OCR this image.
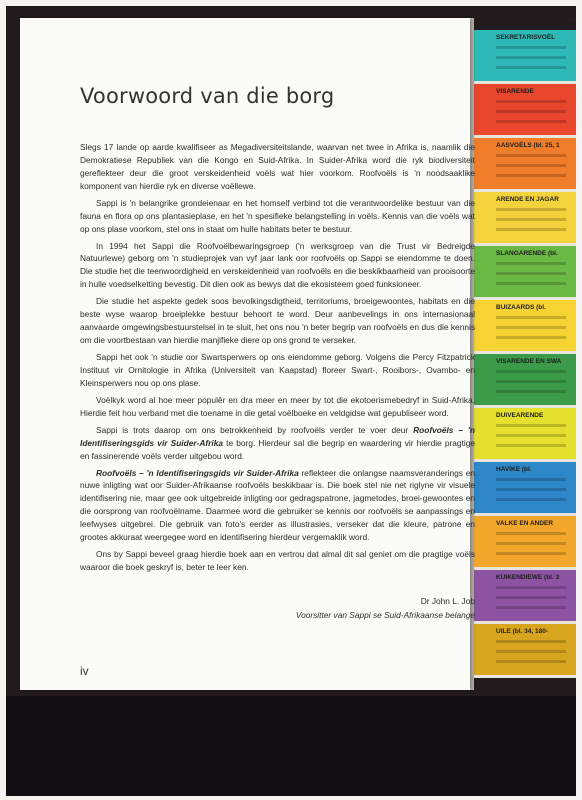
SEKRETARISVOËL
VISARENDE
AASVOËLS (bl. 25, 1
ARENDE EN JAGAR
SLANGARENDE (bl.
BUIZAARDS (bl.
VISARENDE EN SWA
DUIVEARENDE
HAVIKE (bl.
VALKE EN ANDER
KUIKENDIEWE (bl. 3
UILE (bl. 34, 180-
C
Voorwoord van die borg

Slegs 17 lande op aarde kwalifiseer as Megadiversiteitslande, waarvan net twee in Afrika is, naamlik die Demokratiese Republiek van die Kongo en Suid-Afrika. In Suider-Afrika word die ryk biodiversiteit gereflekteer deur die groot verskeidenheid voëls wat hier voorkom. Roofvoëls is 'n noodsaaklike komponent van hierdie ryk en diverse voëllewe.

Sappi is 'n belangrike grondeienaar en het homself verbind tot die verantwoordelike bestuur van die fauna en flora op ons plantasieplase, en het 'n spesifieke belangstelling in voëls. Kennis van die voëls wat op ons plase voorkom, stel ons in staat om hulle habitats beter te bestuur.

In 1994 het Sappi die Roofvoëlbewaringsgroep ('n werksgroep van die Trust vir Bedreigde Natuurlewe) geborg om 'n studieprojek van vyf jaar lank oor roofvoëls op Sappi se eiendomme te doen. Die studie het die teenwoordigheid en verskeidenheid van roofvoëls en die beskikbaarheid van prooisoorte in hulle voedselketting bevestig. Dit dien ook as bewys dat die ekosisteem goed funksioneer.

Die studie het aspekte gedek soos bevolkingsdigtheid, territoriums, broeigewoontes, habitats en die beste wyse waarop broeiplekke bestuur behoort te word. Deur aanbevelings in ons internasionaal aanvaarde omgewingsbestuurstelsel in te sluit, het ons nou 'n beter begrip van roofvoëls en dus die kennis om die voortbestaan van hierdie manjifieke diere op ons grond te verseker.

Sappi het ook 'n studie oor Swartsperwers op ons eiendomme geborg. Volgens die Percy Fitzpatrick Instituut vir Ornitologie in Afrika (Universiteit van Kaapstad) floreer Swart-, Rooibors-, Ovambo- en Kleinsperwers nou op ons plase.

Voëlkyk word al hoe meer populêr en dra meer en meer by tot die ekotoerismebedryf in Suid-Afrika. Hierdie feit hou verband met die toename in die getal voëlboeke en veldgidse wat gepubliseer word.

Sappi is trots daarop om ons betrokkenheid by roofvoëls verder te voer deur Roofvoëls – 'n Identifiseringsgids vir Suider-Afrika te borg. Hierdeur sal die begrip en waardering vir hierdie pragtige en fassinerende voëls verder uitgebou word.

Roofvoëls – 'n Identifiseringsgids vir Suider-Afrika reflekteer die onlangse naamsveranderings en nuwe inligting wat oor Suider-Afrikaanse roofvoëls beskikbaar is. Die boek stel nie net riglyne vir visuele identifisering nie, maar gee ook uitgebreide inligting oor gedragspatrone, jagmetodes, broei-gewoontes en die oorsprong van roofvoëlname. Daarmee word die gebruiker se kennis oor roofvoëls se aanpassings en leefwyses uitgebrei. Die gebruik van foto's eerder as illustrasies, verseker dat die kleure, patrone en grootes akkuraat weergegee word en identifisering hierdeur vergemaklik word.

Ons by Sappi beveel graag hierdie boek aan en vertrou dat almal dit sal geniet om die pragtige voëls waaroor die boek geskryf is, beter te leer ken.

Dr John L. Job
Voorsitter van Sappi se Suid-Afrikaanse belange
iv
